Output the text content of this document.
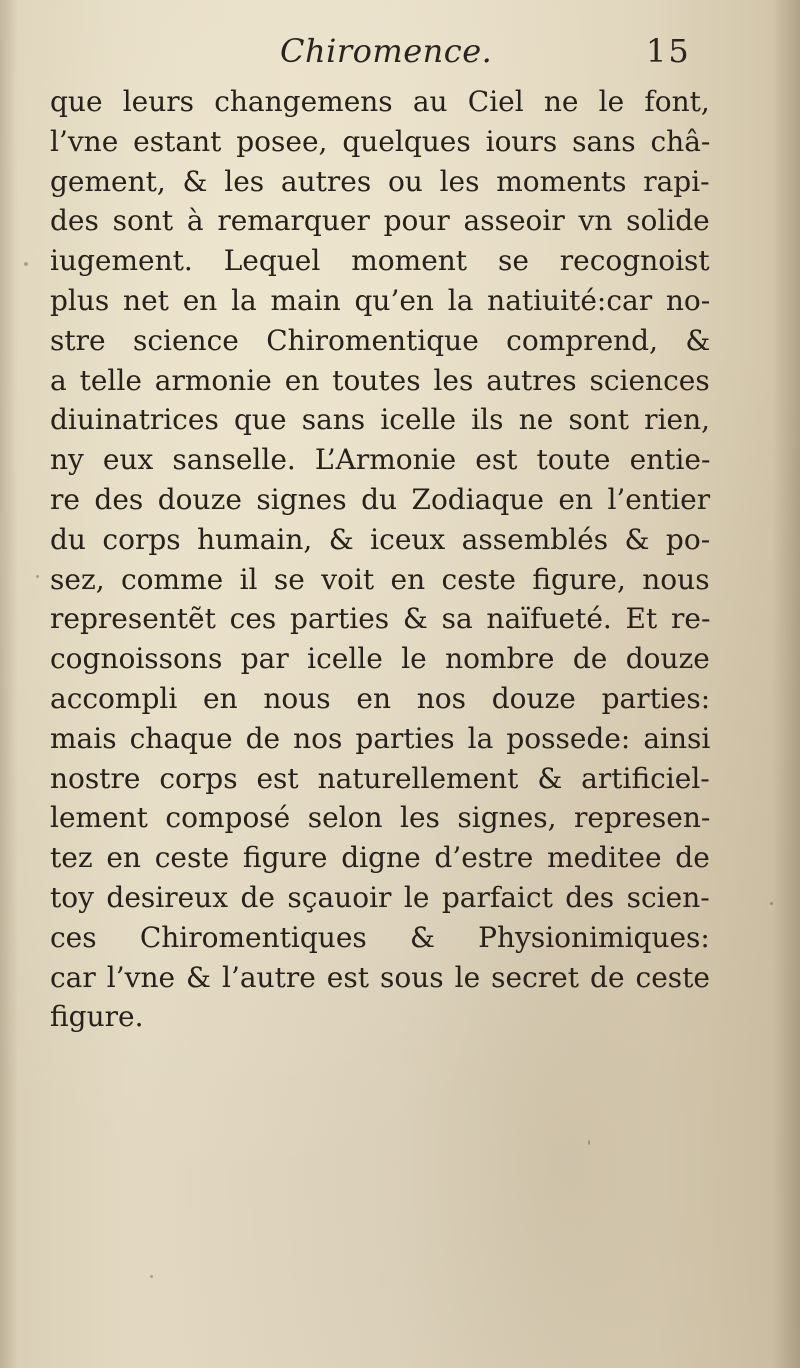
Chiromence.	15
que leurs changemens au Ciel ne le font,
l’vne estant posee, quelques iours sans châ-
gement, & les autres ou les moments rapi-
des sont à remarquer pour asseoir vn solide
iugement. Lequel moment se recognoist
plus net en la main qu’en la natiuité:car no-
stre science Chiromentique comprend, &
a telle armonie en toutes les autres sciences
diuinatrices que sans icelle ils ne sont rien,
ny eux sanselle. L’Armonie est toute entie-
re des douze signes du Zodiaque en l’entier
du corps humain, & iceux assemblés & po-
sez, comme il se voit en ceste figure, nous
representẽt ces parties & sa naïfueté. Et re-
cognoissons par icelle le nombre de douze
accompli en nous en nos douze parties:
mais chaque de nos parties la possede: ainsi
nostre corps est naturellement & artificiel-
lement composé selon les signes, represen-
tez en ceste figure digne d’estre meditee de
toy desireux de sçauoir le parfaict des scien-
ces Chiromentiques & Physionimiques:
car l’vne & l’autre est sous le secret de ceste
figure.
